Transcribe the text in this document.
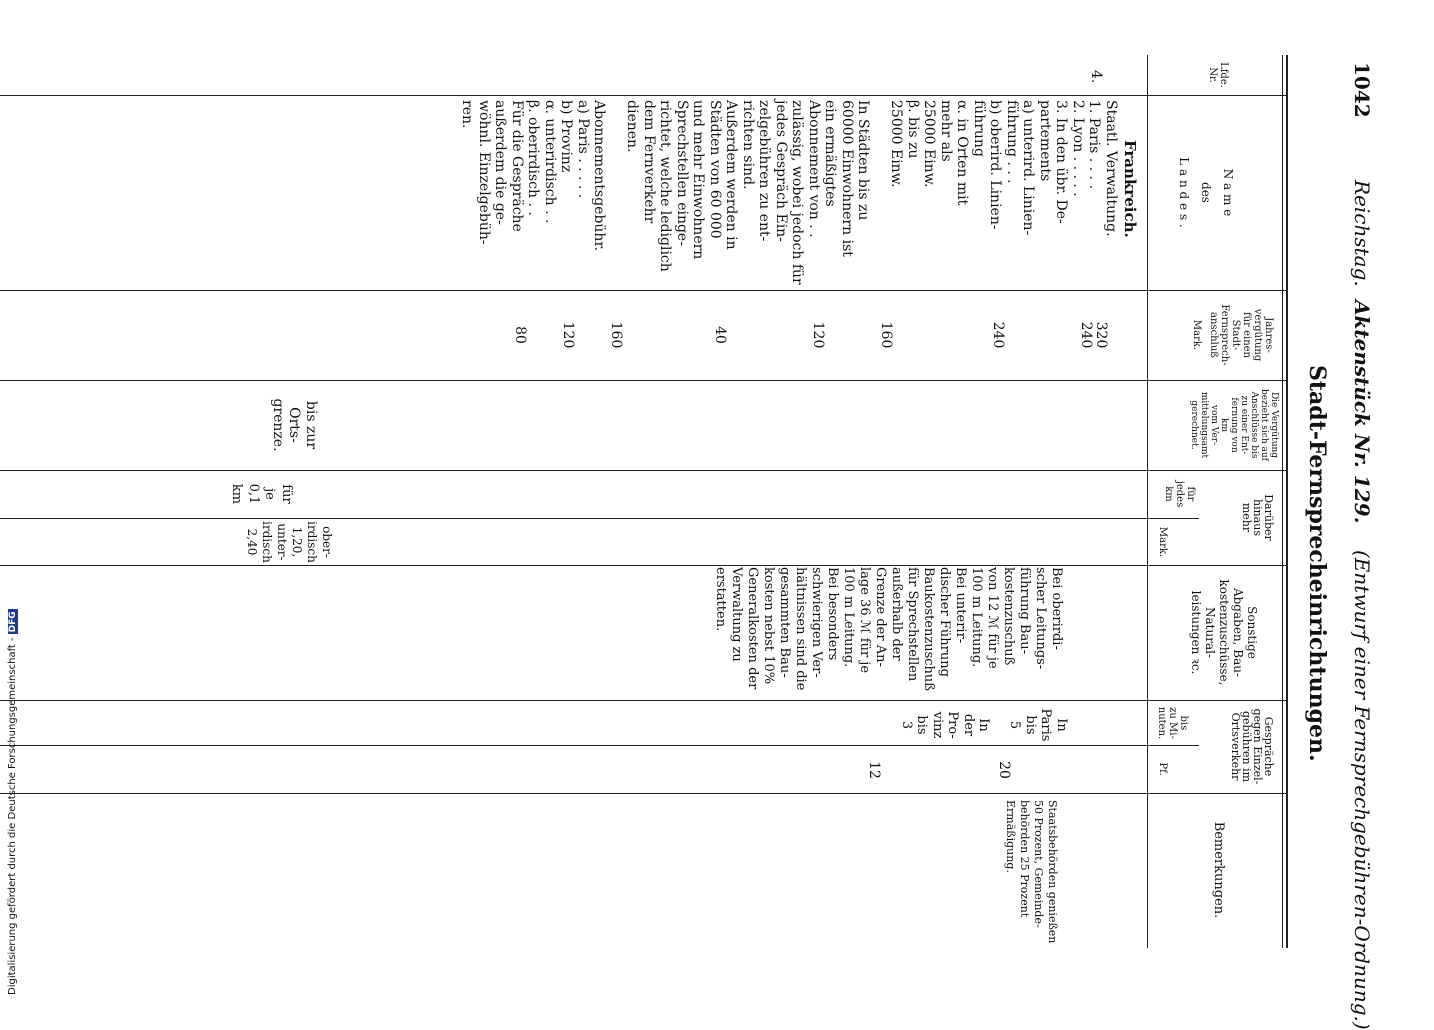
1042
Reichstag.
Aktenstück Nr. 129.
(Entwurf einer Fernsprechgebühren-Ordnung.)
Stadt-Fernsprecheinrichtungen.
Lfde.
Nr.
N a m e
des
L a n d e s .
Jahres-
vergütung
für einen
Stadt-
Fernsprech-
anschluß
Mark.
Die Vergütung
bezieht sich auf
Anschlüsse bis
zu einer Ent-
fernung von
km
vom Ver-
mittelungsamt
gerechnet.
Darüber
hinaus
mehr
für
jedes
km
Mark.
Sonstige
Abgaben, Bau-
kostenzuschüsse,
Natural-
leistungen ꝛc.
Gespräche
gegen Einzel-
gebühren im
Ortsverkehr
bis
zu Mi-
nuten.
Pf.
Bemerkungen.
4.
Frankreich.
Staatl. Verwaltung.
1. Paris . . . .
2. Lyon . . . . .
3. In den übr. De-
partements
a) unterird. Linien-
führung . . .
b) oberird. Linien-
führung
α. in Orten mit
mehr als
25000 Einw.
β. bis zu
25000 Einw.

In Städten bis zu
60000 Einwohnern ist
ein ermäßigtes
Abonnement von . .
zulässig, wobei jedoch für
jedes Gespräch Ein-
zelgebühren zu ent-
richten sind.
Außerdem werden in
Städten von 60 000
und mehr Einwohnern
Sprechstellen einge-
richtet, welche lediglich
dem Fernverkehr
dienen.

Abonnementsgebühr.
a) Paris . . . . .
b) Provinz
α. unterirdisch . .
β. oberirdisch . .
Für die Gespräche
außerdem die ge-
wöhnl. Einzelgebüh-
ren.
320
240
240
160
120
40
160
120
80
bis zur
Orts-
grenze.
für
je
0,1
km
ober-
irdisch
1,20,
unter-
irdisch
2,40
Bei oberirdi-
scher Leitungs-
führung Bau-
kostenzuschuß
von 12 ℳ für je
100 m Leitung.
Bei unterir-
discher Führung
Baukostenzuschuß
für Sprechstellen
außerhalb der
Grenze der An-
lage 36 ℳ für je
100 m Leitung.
Bei besonders
schwierigen Ver-
hältnissen sind die
gesammten Bau-
kosten nebst 10%
Generalkosten der
Verwaltung zu
erstatten.
In
Paris
bis
5

In
der
Pro-
vinz
bis
3
20
12
Staatsbehörden genießen
50 Prozent, Gemeinde-
behörden 25 Prozent
Ermäßigung.
Digitalisierung gefördert durch die Deutsche Forschungsgemeinschaft -DFG
